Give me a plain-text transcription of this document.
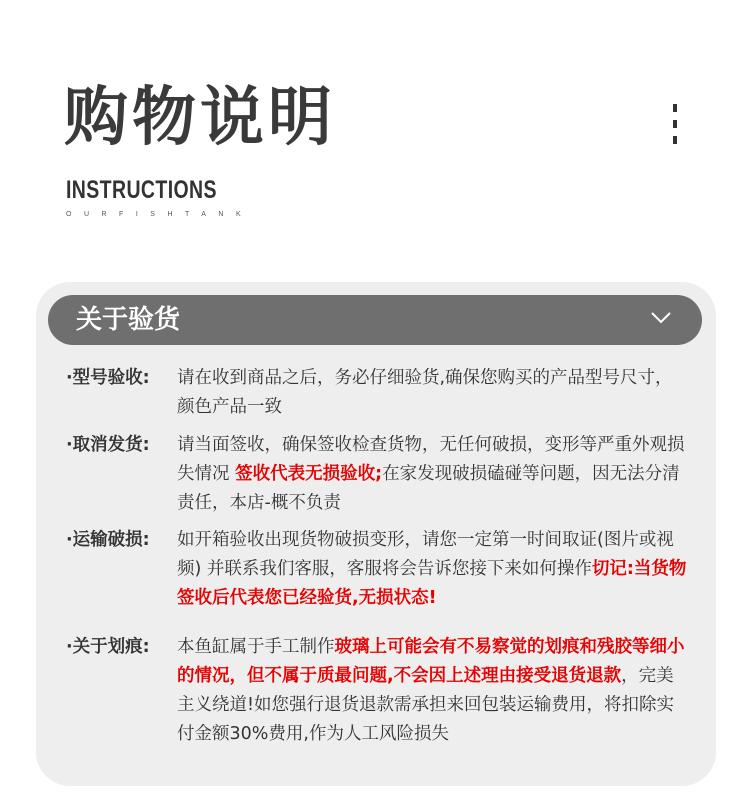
购物说明
INSTRUCTIONS
OURFISHTANK
关于验货
·型号验收:	请在收到商品之后，务必仔细验货,确保您购买的产品型号尺寸，颜色产品一致
·取消发货:	请当面签收，确保签收检查货物，无任何破损，变形等严重外观损失情况 签收代表无损验收;在家发现破损磕碰等问题，因无法分清责任，本店-概不负责
·运输破损:	如开箱验收出现货物破损变形，请您一定第一时间取证(图片或视频) 并联系我们客服，客服将会告诉您接下来如何操作切记:当货物签收后代表您已经验货,无损状态!
·关于划痕:	本鱼缸属于手工制作玻璃上可能会有不易察觉的划痕和残胶等细小的情况，但不属于质最问题,不会因上述理由接受退货退款，完美主义绕道!如您强行退货退款需承担来回包装运输费用，将扣除实付金额30%费用,作为人工风险损失
